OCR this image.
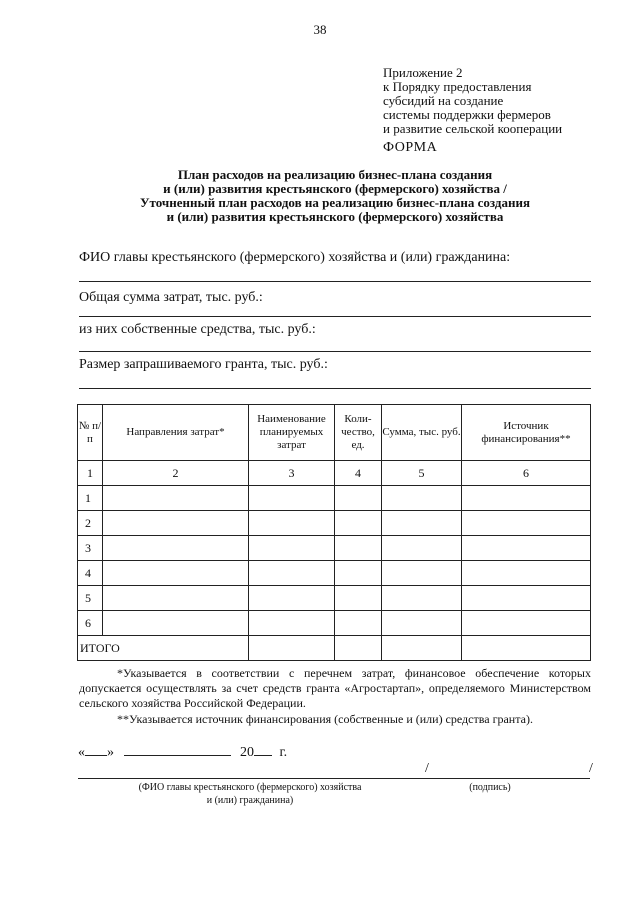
38
Приложение 2
к Порядку предоставления
субсидий на создание
системы поддержки фермеров
и развитие сельской кооперации
ФОРМА
План расходов на реализацию бизнес-плана создания
и (или) развития крестьянского (фермерского) хозяйства /
Уточненный план расходов на реализацию бизнес-плана создания
и (или) развития крестьянского (фермерского) хозяйства
ФИО главы крестьянского (фермерского) хозяйства и (или) гражданина:
Общая сумма затрат, тыс. руб.:
из них собственные средства, тыс. руб.:
Размер запрашиваемого гранта, тыс. руб.:
№ п/п	Направления затрат*	Наименование планируемых затрат	Коли-чество, ед.	Сумма, тыс. руб.	Источник финансирования**
1	2	3	4	5	6
1					
2					
3					
4					
5					
6					
ИТОГО					
*Указывается в соответствии с перечнем затрат, финансовое обеспечение которых допускается осуществлять за счет средств гранта «Агростартап», определяемого Министерством сельского хозяйства Российской Федерации.
**Указывается источник финансирования (собственные и (или) средства гранта).
« »	20 г.
/	/
(ФИО главы крестьянского (фермерского) хозяйства
и (или) гражданина)
(подпись)
